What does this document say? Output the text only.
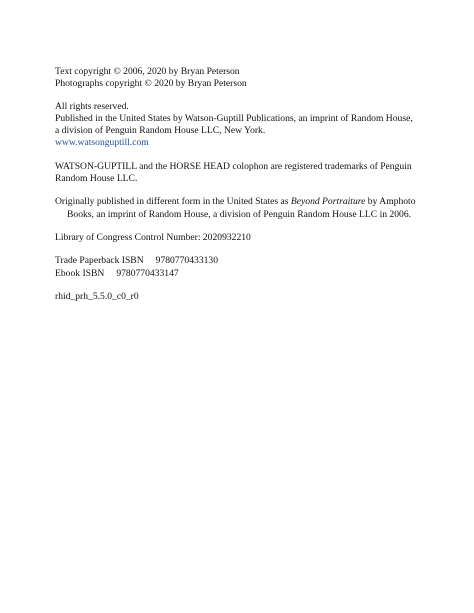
Text copyright © 2006, 2020 by Bryan Peterson
Photographs copyright © 2020 by Bryan Peterson
All rights reserved.
Published in the United States by Watson-Guptill Publications, an imprint of Random House,
a division of Penguin Random House LLC, New York.
www.watsonguptill.com
WATSON-GUPTILL and the HORSE HEAD colophon are registered trademarks of Penguin
Random House LLC.
Originally published in different form in the United States as Beyond Portraiture by Amphoto
Books, an imprint of Random House, a division of Penguin Random House LLC in 2006.
Library of Congress Control Number: 2020932210
Trade Paperback ISBN 9780770433130
Ebook ISBN 9780770433147
rhid_prh_5.5.0_c0_r0
